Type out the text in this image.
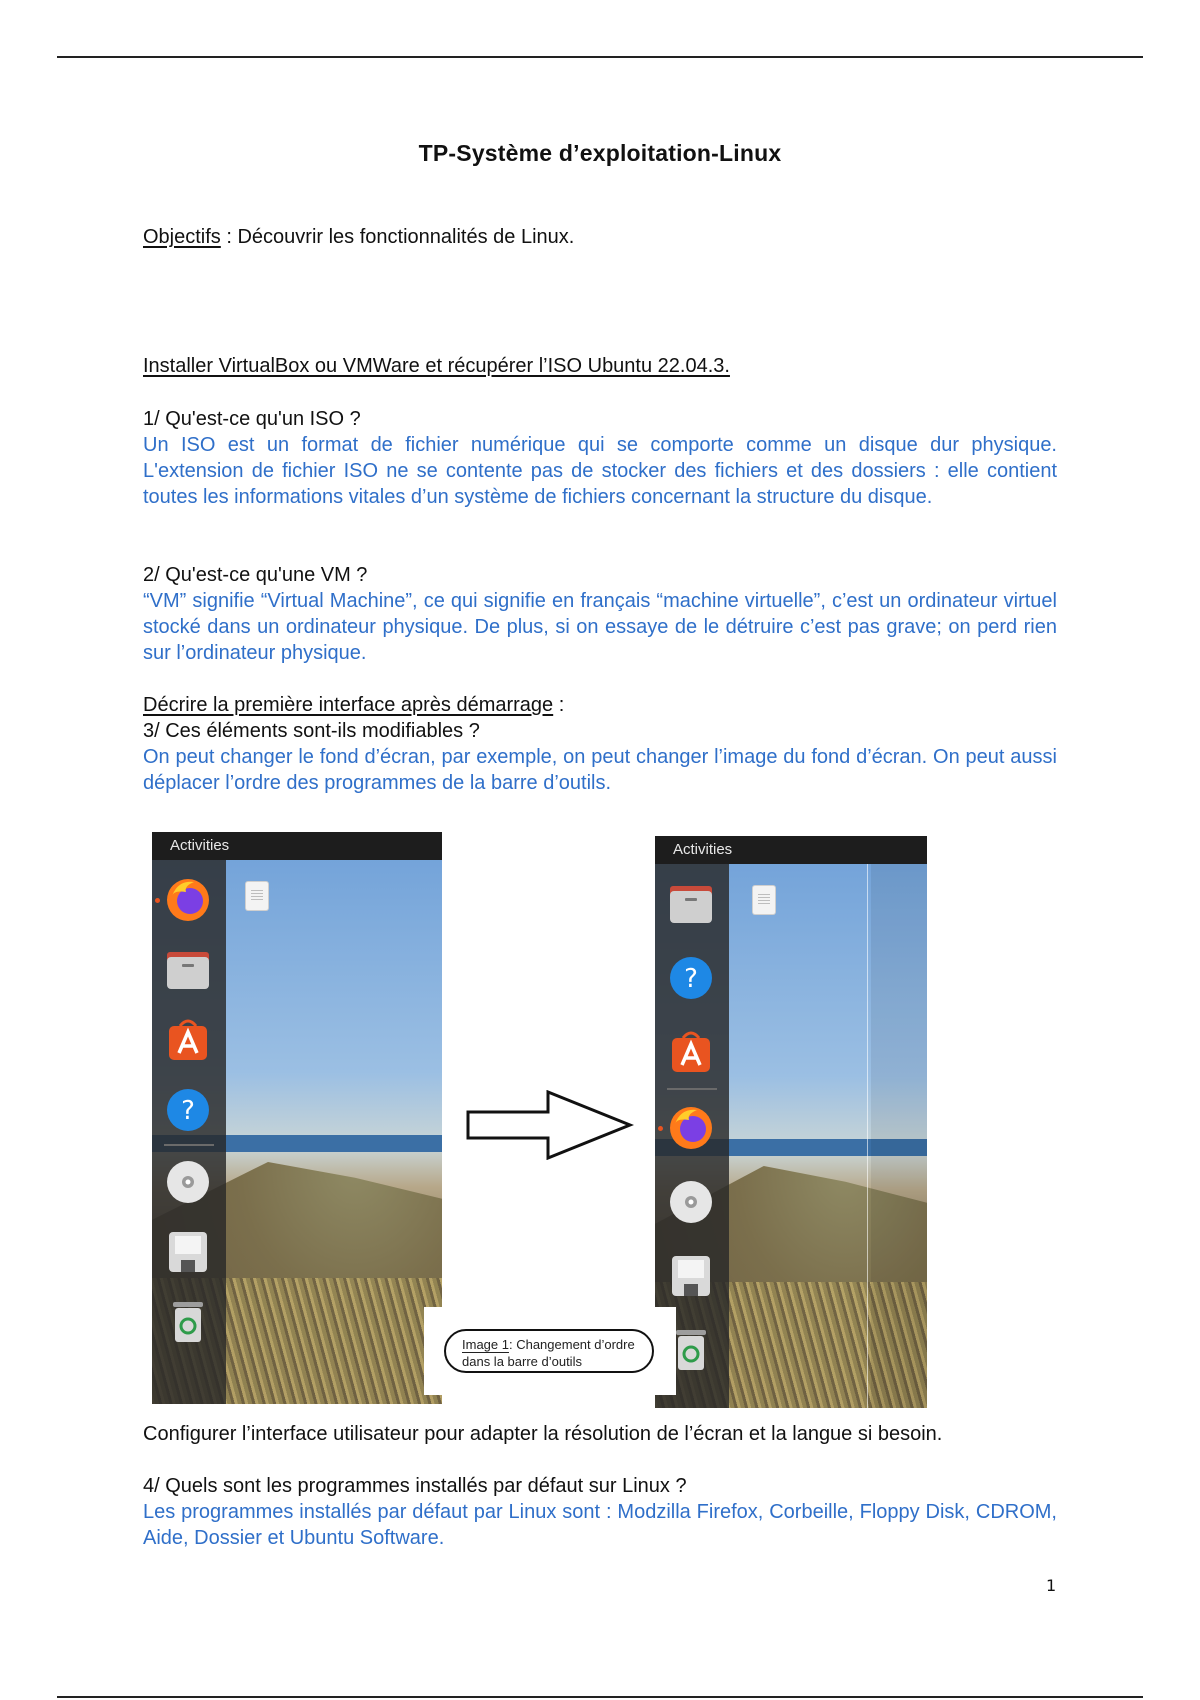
TP-Système d’exploitation-Linux
Objectifs : Découvrir les fonctionnalités de Linux.
Installer VirtualBox ou VMWare et récupérer l’ISO Ubuntu 22.04.3.
1/ Qu'est-ce qu'un ISO ?
Un ISO est un format de fichier numérique qui se comporte comme un disque dur physique. L'extension de fichier ISO ne se contente pas de stocker des fichiers et des dossiers : elle contient toutes les informations vitales d’un système de fichiers concernant la structure du disque.
2/ Qu'est-ce qu'une VM ?
“VM” signifie “Virtual Machine”, ce qui signifie en français “machine virtuelle”, c’est un ordinateur virtuel stocké dans un ordinateur physique. De plus, si on essaye de le détruire c’est pas grave; on perd rien sur l’ordinateur physique.
Décrire la première interface après démarrage :
3/ Ces éléments sont-ils modifiables ?
On peut changer le fond d’écran, par exemple, on peut changer l’image du fond d’écran. On peut aussi déplacer l’ordre des programmes de la barre d’outils.
Activities
?
Activities
?
Image 1: Changement d’ordre
dans la barre d’outils
Configurer l’interface utilisateur pour adapter la résolution de l’écran et la langue si besoin.
4/ Quels sont les programmes installés par défaut sur Linux ?
Les programmes installés par défaut par Linux sont : Modzilla Firefox, Corbeille, Floppy Disk, CDROM, Aide, Dossier et Ubuntu Software.
1
